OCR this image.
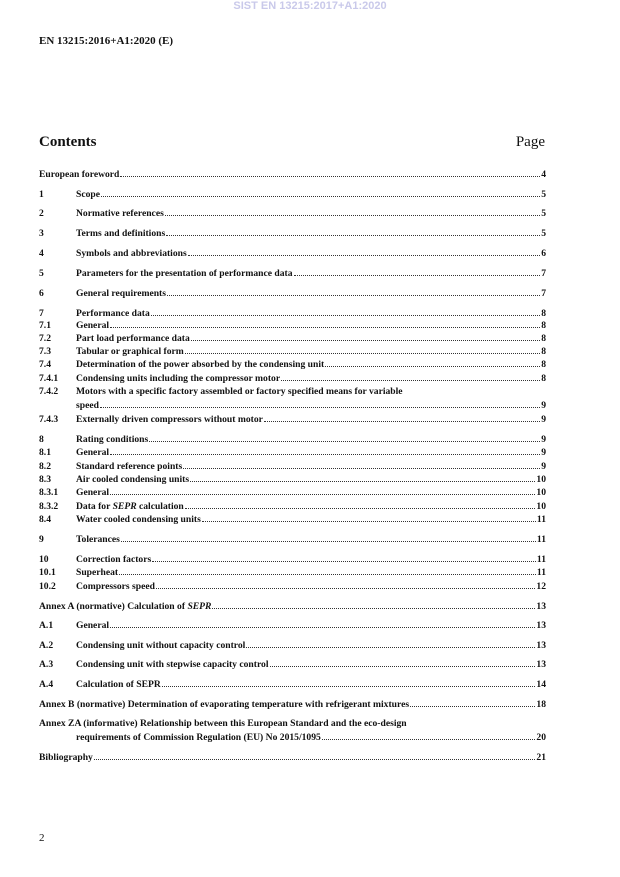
SIST EN 13215:2017+A1:2020
EN 13215:2016+A1:2020 (E)
Contents	Page
European foreword	4
1	Scope	5
2	Normative references	5
3	Terms and definitions	5
4	Symbols and abbreviations	6
5	Parameters for the presentation of performance data	7
6	General requirements	7
7	Performance data	8
7.1	General	8
7.2	Part load performance data	8
7.3	Tabular or graphical form	8
7.4	Determination of the power absorbed by the condensing unit	8
7.4.1	Condensing units including the compressor motor	8
7.4.2	Motors with a specific factory assembled or factory specified means for variable
speed	9
7.4.3	Externally driven compressors without motor	9
8	Rating conditions	9
8.1	General	9
8.2	Standard reference points	9
8.3	Air cooled condensing units	10
8.3.1	General	10
8.3.2	Data for SEPR calculation	10
8.4	Water cooled condensing units	11
9	Tolerances	11
10	Correction factors	11
10.1	Superheat	11
10.2	Compressors speed	12
Annex A (normative) Calculation of SEPR	13
A.1	General	13
A.2	Condensing unit without capacity control	13
A.3	Condensing unit with stepwise capacity control	13
A.4	Calculation of SEPR	14
Annex B (normative) Determination of evaporating temperature with refrigerant mixtures	18
Annex ZA (informative) Relationship between this European Standard and the eco-design
requirements of Commission Regulation (EU) No 2015/1095	20
Bibliography	21
2
